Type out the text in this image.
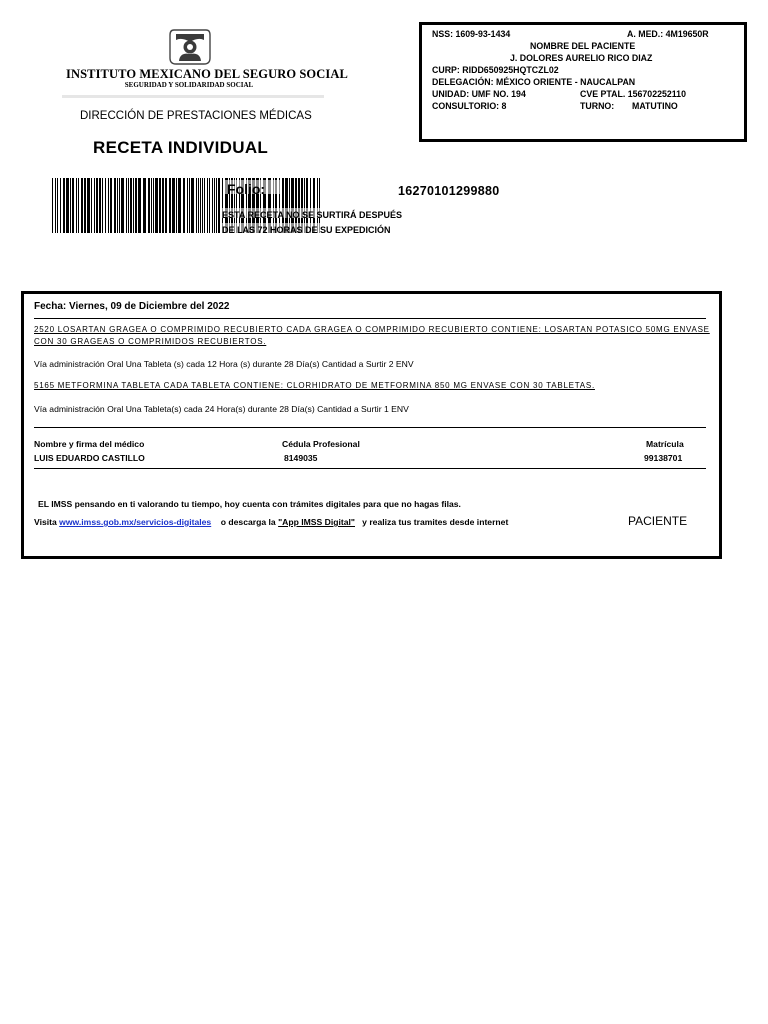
INSTITUTO MEXICANO DEL SEGURO SOCIAL
SEGURIDAD Y SOLIDARIDAD SOCIAL
DIRECCIÓN DE PRESTACIONES MÉDICAS
RECETA INDIVIDUAL
Folio:	16270101299880
ESTA RECETA NO SE SURTIRÁ DESPUÉS
DE LAS 72 HORAS DE SU EXPEDICIÓN
NSS: 1609-93-1434	A. MED.: 4M19650R
NOMBRE DEL PACIENTE
J. DOLORES AURELIO RICO DIAZ
CURP: RIDD650925HQTCZL02
DELEGACIÓN: MÉXICO ORIENTE - NAUCALPAN
UNIDAD: UMF NO. 194	CVE PTAL. 156702252110
CONSULTORIO: 8	TURNO: MATUTINO
Fecha: Viernes, 09 de Diciembre del 2022
2520 LOSARTAN GRAGEA O COMPRIMIDO RECUBIERTO CADA GRAGEA O COMPRIMIDO RECUBIERTO CONTIENE: LOSARTAN POTASICO 50MG ENVASE
CON 30 GRAGEAS O COMPRIMIDOS RECUBIERTOS.
Vía administración Oral Una Tableta (s) cada 12 Hora (s) durante 28 Día(s) Cantidad a Surtir 2 ENV
5165 METFORMINA TABLETA CADA TABLETA CONTIENE: CLORHIDRATO DE METFORMINA 850 MG ENVASE CON 30 TABLETAS.
Vía administración Oral Una Tableta(s) cada 24 Hora(s) durante 28 Día(s) Cantidad a Surtir 1 ENV
Nombre y firma del médico	Cédula Profesional	Matrícula
LUIS EDUARDO CASTILLO	8149035	99138701
EL IMSS pensando en ti valorando tu tiempo, hoy cuenta con trámites digitales para que no hagas filas.
Visita www.imss.gob.mx/servicios-digitales o descarga la "App IMSS Digital" y realiza tus tramites desde internet	PACIENTE
